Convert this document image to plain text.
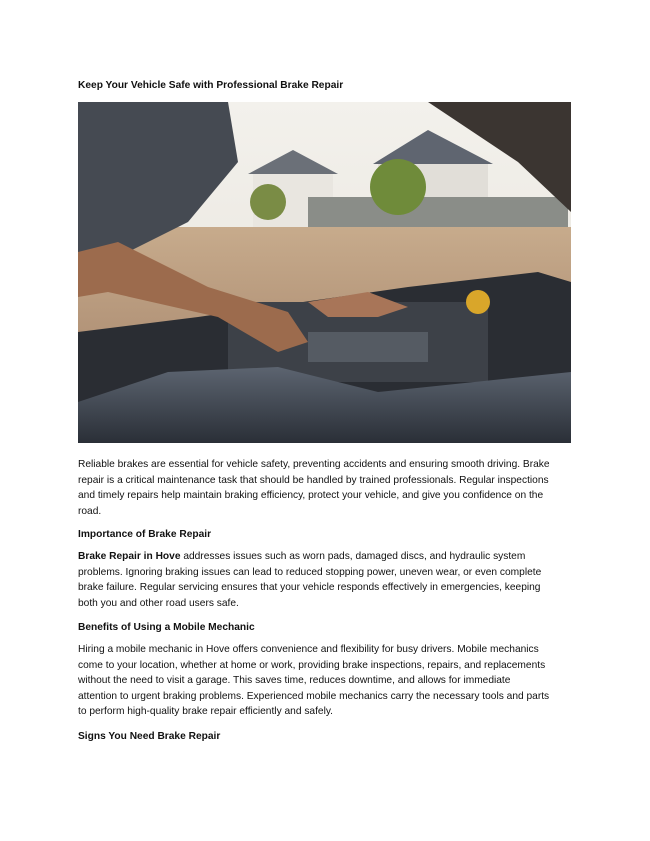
Keep Your Vehicle Safe with Professional Brake Repair
Reliable brakes are essential for vehicle safety, preventing accidents and ensuring smooth driving. Brake
repair is a critical maintenance task that should be handled by trained professionals. Regular inspections
and timely repairs help maintain braking efficiency, protect your vehicle, and give you confidence on the
road.
Importance of Brake Repair
Brake Repair in Hove addresses issues such as worn pads, damaged discs, and hydraulic system
problems. Ignoring braking issues can lead to reduced stopping power, uneven wear, or even complete
brake failure. Regular servicing ensures that your vehicle responds effectively in emergencies, keeping
both you and other road users safe.
Benefits of Using a Mobile Mechanic
Hiring a mobile mechanic in Hove offers convenience and flexibility for busy drivers. Mobile mechanics
come to your location, whether at home or work, providing brake inspections, repairs, and replacements
without the need to visit a garage. This saves time, reduces downtime, and allows for immediate
attention to urgent braking problems. Experienced mobile mechanics carry the necessary tools and parts
to perform high-quality brake repair efficiently and safely.
Signs You Need Brake Repair
